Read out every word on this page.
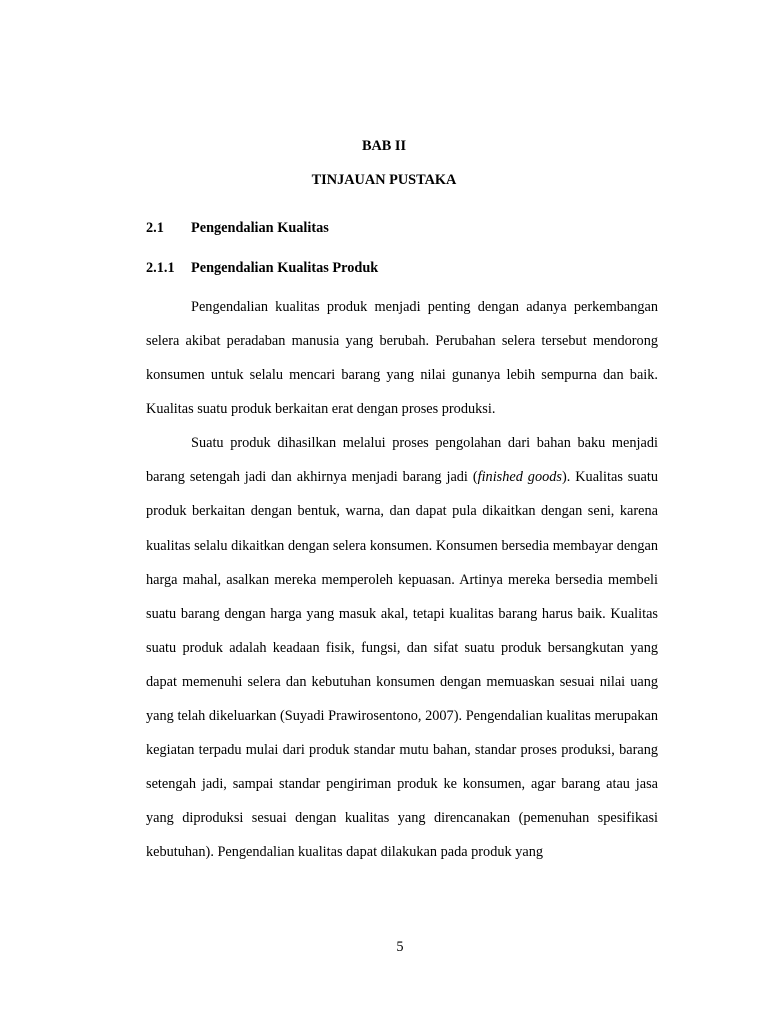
BAB II
TINJAUAN PUSTAKA
2.1 Pengendalian Kualitas
2.1.1 Pengendalian Kualitas Produk

Pengendalian kualitas produk menjadi penting dengan adanya perkembangan selera akibat peradaban manusia yang berubah. Perubahan selera tersebut mendorong konsumen untuk selalu mencari barang yang nilai gunanya lebih sempurna dan baik. Kualitas suatu produk berkaitan erat dengan proses produksi.

Suatu produk dihasilkan melalui proses pengolahan dari bahan baku menjadi barang setengah jadi dan akhirnya menjadi barang jadi (finished goods). Kualitas suatu produk berkaitan dengan bentuk, warna, dan dapat pula dikaitkan dengan seni, karena kualitas selalu dikaitkan dengan selera konsumen. Konsumen bersedia membayar dengan harga mahal, asalkan mereka memperoleh kepuasan. Artinya mereka bersedia membeli suatu barang dengan harga yang masuk akal, tetapi kualitas barang harus baik. Kualitas suatu produk adalah keadaan fisik, fungsi, dan sifat suatu produk bersangkutan yang dapat memenuhi selera dan kebutuhan konsumen dengan memuaskan sesuai nilai uang yang telah dikeluarkan (Suyadi Prawirosentono, 2007). Pengendalian kualitas merupakan kegiatan terpadu mulai dari produk standar mutu bahan, standar proses produksi, barang setengah jadi, sampai standar pengiriman produk ke konsumen, agar barang atau jasa yang diproduksi sesuai dengan kualitas yang direncanakan (pemenuhan spesifikasi kebutuhan). Pengendalian kualitas dapat dilakukan pada produk yang

5
